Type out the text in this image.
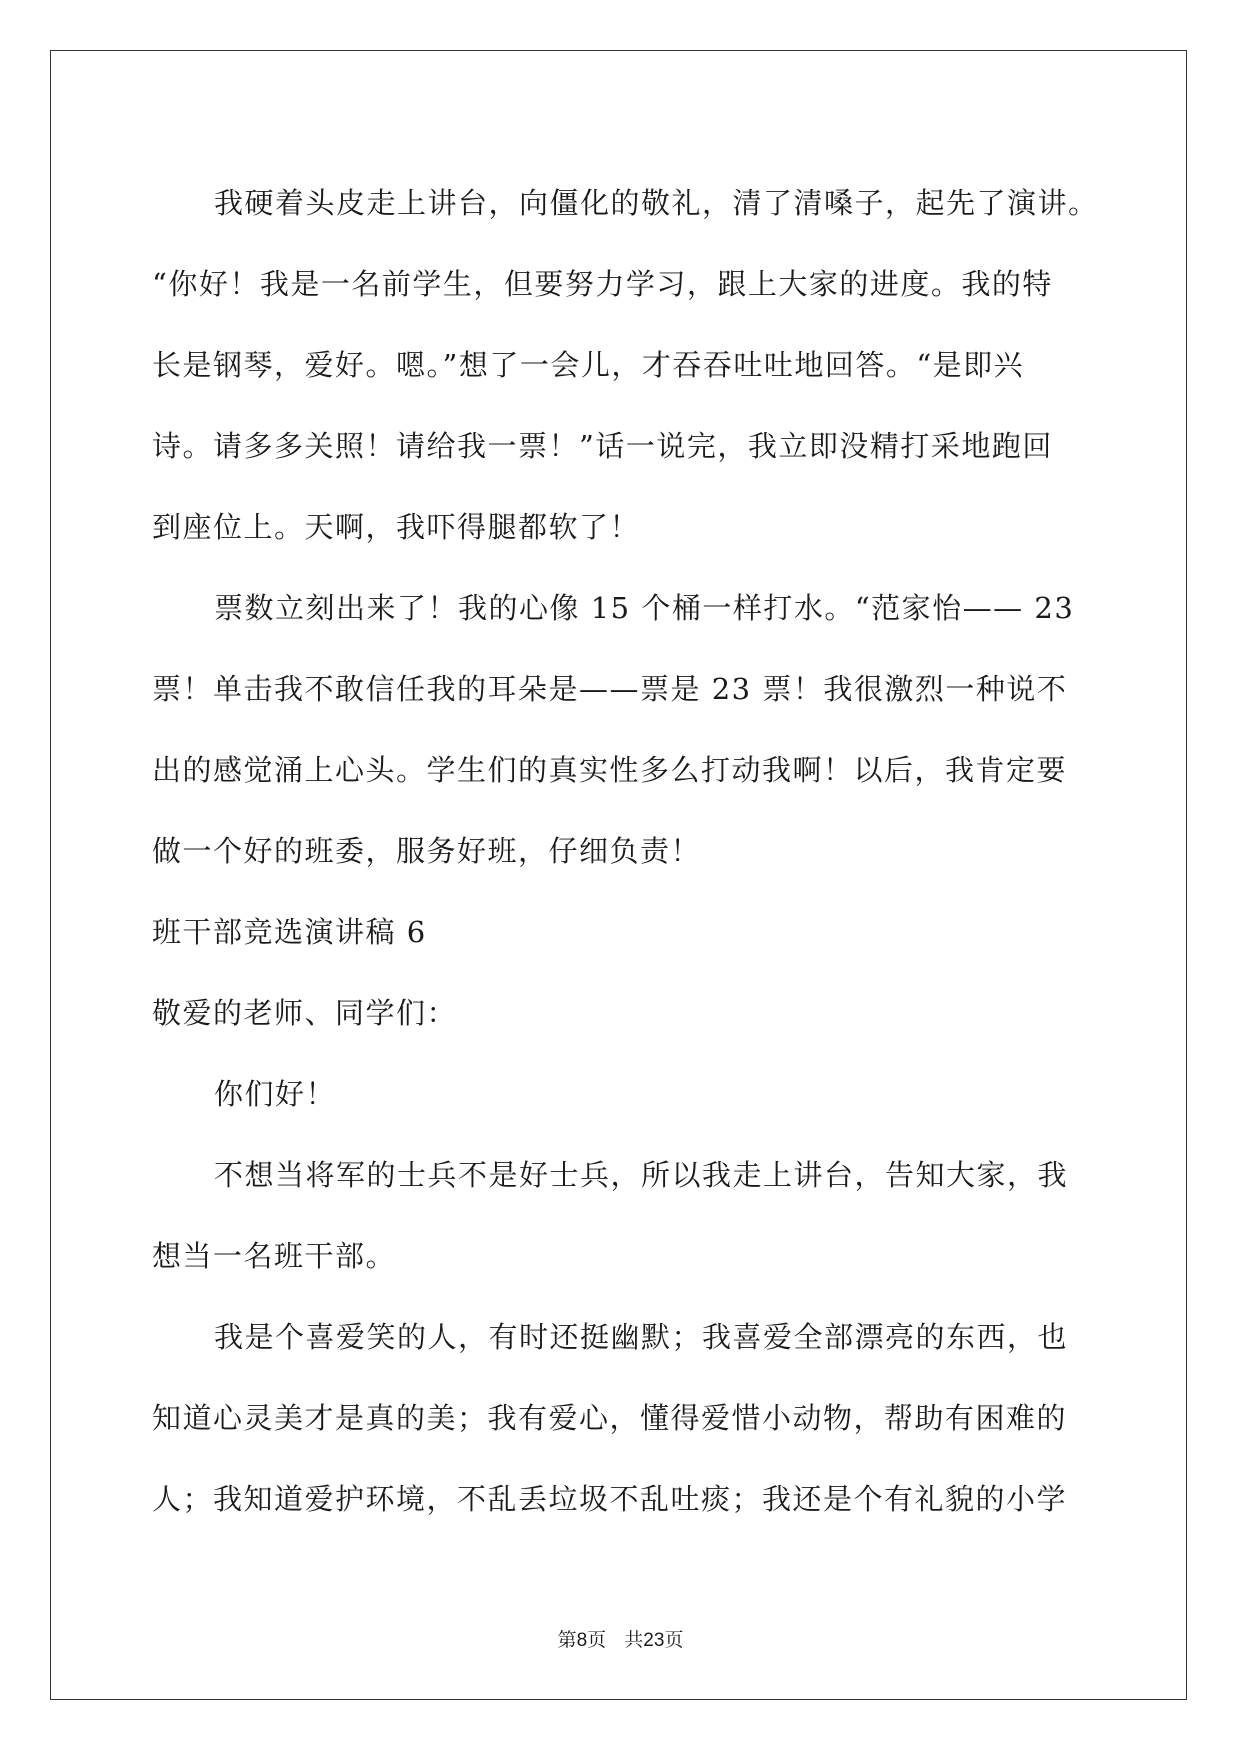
我硬着头皮走上讲台，向僵化的敬礼，清了清嗓子，起先了演讲。

“你好！我是一名前学生，但要努力学习，跟上大家的进度。我的特

长是钢琴，爱好。嗯。”想了一会儿，才吞吞吐吐地回答。“是即兴

诗。请多多关照！请给我一票！”话一说完，我立即没精打采地跑回

到座位上。天啊，我吓得腿都软了！

票数立刻出来了！我的心像 15 个桶一样打水。“范家怡—— 23

票！单击我不敢信任我的耳朵是——票是 23 票！我很激烈一种说不

出的感觉涌上心头。学生们的真实性多么打动我啊！以后，我肯定要

做一个好的班委，服务好班，仔细负责！

班干部竞选演讲稿 6

敬爱的老师、同学们：

你们好！

不想当将军的士兵不是好士兵，所以我走上讲台，告知大家，我

想当一名班干部。

我是个喜爱笑的人，有时还挺幽默；我喜爱全部漂亮的东西，也

知道心灵美才是真的美；我有爱心，懂得爱惜小动物，帮助有困难的

人；我知道爱护环境，不乱丢垃圾不乱吐痰；我还是个有礼貌的小学

第8页 共23页
